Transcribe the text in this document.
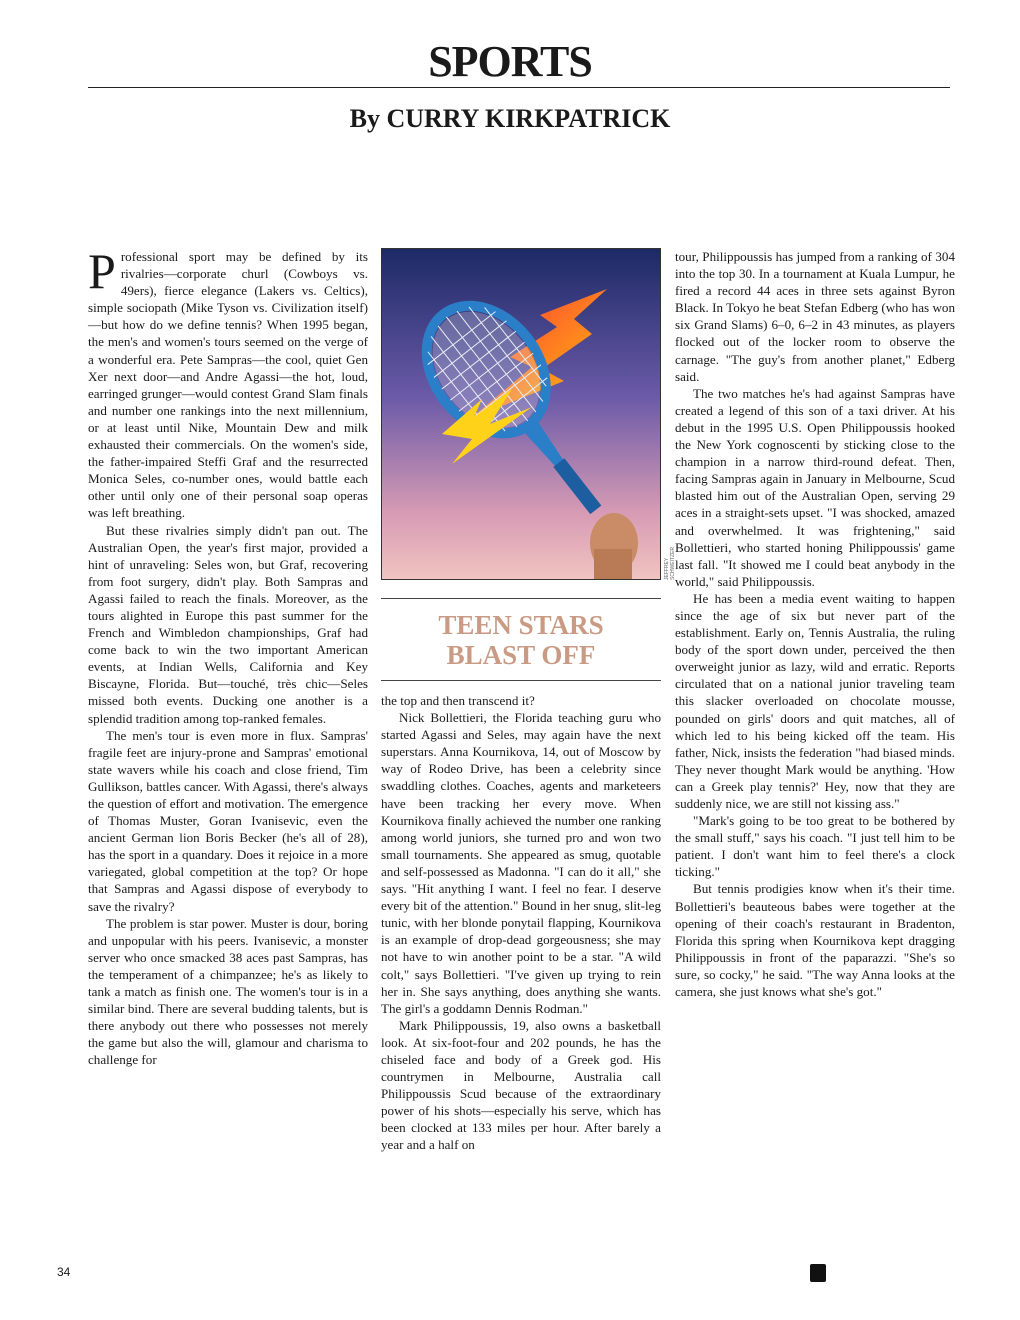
SPORTS
By CURRY KIRKPATRICK
P rofessional sport may be defined by its rivalries—corporate churl (Cowboys vs. 49ers), fierce elegance (Lakers vs. Celtics), simple sociopath (Mike Tyson vs. Civilization itself)—but how do we define tennis? When 1995 began, the men's and women's tours seemed on the verge of a wonderful era. Pete Sampras—the cool, quiet Gen Xer next door—and Andre Agassi—the hot, loud, earringed grunger—would contest Grand Slam finals and number one rankings into the next millennium, or at least until Nike, Mountain Dew and milk exhausted their commercials. On the women's side, the father-impaired Steffi Graf and the resurrected Monica Seles, co-number ones, would battle each other until only one of their personal soap operas was left breathing.

But these rivalries simply didn't pan out. The Australian Open, the year's first major, provided a hint of unraveling: Seles won, but Graf, recovering from foot surgery, didn't play. Both Sampras and Agassi failed to reach the finals. Moreover, as the tours alighted in Europe this past summer for the French and Wimbledon championships, Graf had come back to win the two important American events, at Indian Wells, California and Key Biscayne, Florida. But—touché, très chic—Seles missed both events. Ducking one another is a splendid tradition among top-ranked females.

The men's tour is even more in flux. Sampras' fragile feet are injury-prone and Sampras' emotional state wavers while his coach and close friend, Tim Gullikson, battles cancer. With Agassi, there's always the question of effort and motivation. The emergence of Thomas Muster, Goran Ivanisevic, even the ancient German lion Boris Becker (he's all of 28), has the sport in a quandary. Does it rejoice in a more variegated, global competition at the top? Or hope that Sampras and Agassi dispose of everybody to save the rivalry?

The problem is star power. Muster is dour, boring and unpopular with his peers. Ivanisevic, a monster server who once smacked 38 aces past Sampras, has the temperament of a chimpanzee; he's as likely to tank a match as finish one. The women's tour is in a similar bind. There are several budding talents, but is there anybody out there who possesses not merely the game but also the will, glamour and charisma to challenge for

JEFFREY SCHWEITZER
TEEN STARS
BLAST OFF

the top and then transcend it?

Nick Bollettieri, the Florida teaching guru who started Agassi and Seles, may again have the next superstars. Anna Kournikova, 14, out of Moscow by way of Rodeo Drive, has been a celebrity since swaddling clothes. Coaches, agents and marketeers have been tracking her every move. When Kournikova finally achieved the number one ranking among world juniors, she turned pro and won two small tournaments. She appeared as smug, quotable and self-possessed as Madonna. "I can do it all," she says. "Hit anything I want. I feel no fear. I deserve every bit of the attention." Bound in her snug, slit-leg tunic, with her blonde ponytail flapping, Kournikova is an example of drop-dead gorgeousness; she may not have to win another point to be a star. "A wild colt," says Bollettieri. "I've given up trying to rein her in. She says anything, does anything she wants. The girl's a goddamn Dennis Rodman."

Mark Philippoussis, 19, also owns a basketball look. At six-foot-four and 202 pounds, he has the chiseled face and body of a Greek god. His countrymen in Melbourne, Australia call Philippoussis Scud because of the extraordinary power of his shots—especially his serve, which has been clocked at 133 miles per hour. After barely a year and a half on

tour, Philippoussis has jumped from a ranking of 304 into the top 30. In a tournament at Kuala Lumpur, he fired a record 44 aces in three sets against Byron Black. In Tokyo he beat Stefan Edberg (who has won six Grand Slams) 6–0, 6–2 in 43 minutes, as players flocked out of the locker room to observe the carnage. "The guy's from another planet," Edberg said.

The two matches he's had against Sampras have created a legend of this son of a taxi driver. At his debut in the 1995 U.S. Open Philippoussis hooked the New York cognoscenti by sticking close to the champion in a narrow third-round defeat. Then, facing Sampras again in January in Melbourne, Scud blasted him out of the Australian Open, serving 29 aces in a straight-sets upset. "I was shocked, amazed and overwhelmed. It was frightening," said Bollettieri, who started honing Philippoussis' game last fall. "It showed me I could beat anybody in the world," said Philippoussis.

He has been a media event waiting to happen since the age of six but never part of the establishment. Early on, Tennis Australia, the ruling body of the sport down under, perceived the then overweight junior as lazy, wild and erratic. Reports circulated that on a national junior traveling team this slacker overloaded on chocolate mousse, pounded on girls' doors and quit matches, all of which led to his being kicked off the team. His father, Nick, insists the federation "had biased minds. They never thought Mark would be anything. 'How can a Greek play tennis?' Hey, now that they are suddenly nice, we are still not kissing ass."

"Mark's going to be too great to be bothered by the small stuff," says his coach. "I just tell him to be patient. I don't want him to feel there's a clock ticking."

But tennis prodigies know when it's their time. Bollettieri's beauteous babes were together at the opening of their coach's restaurant in Bradenton, Florida this spring when Kournikova kept dragging Philippoussis in front of the paparazzi. "She's so sure, so cocky," he said. "The way Anna looks at the camera, she just knows what she's got."

34
